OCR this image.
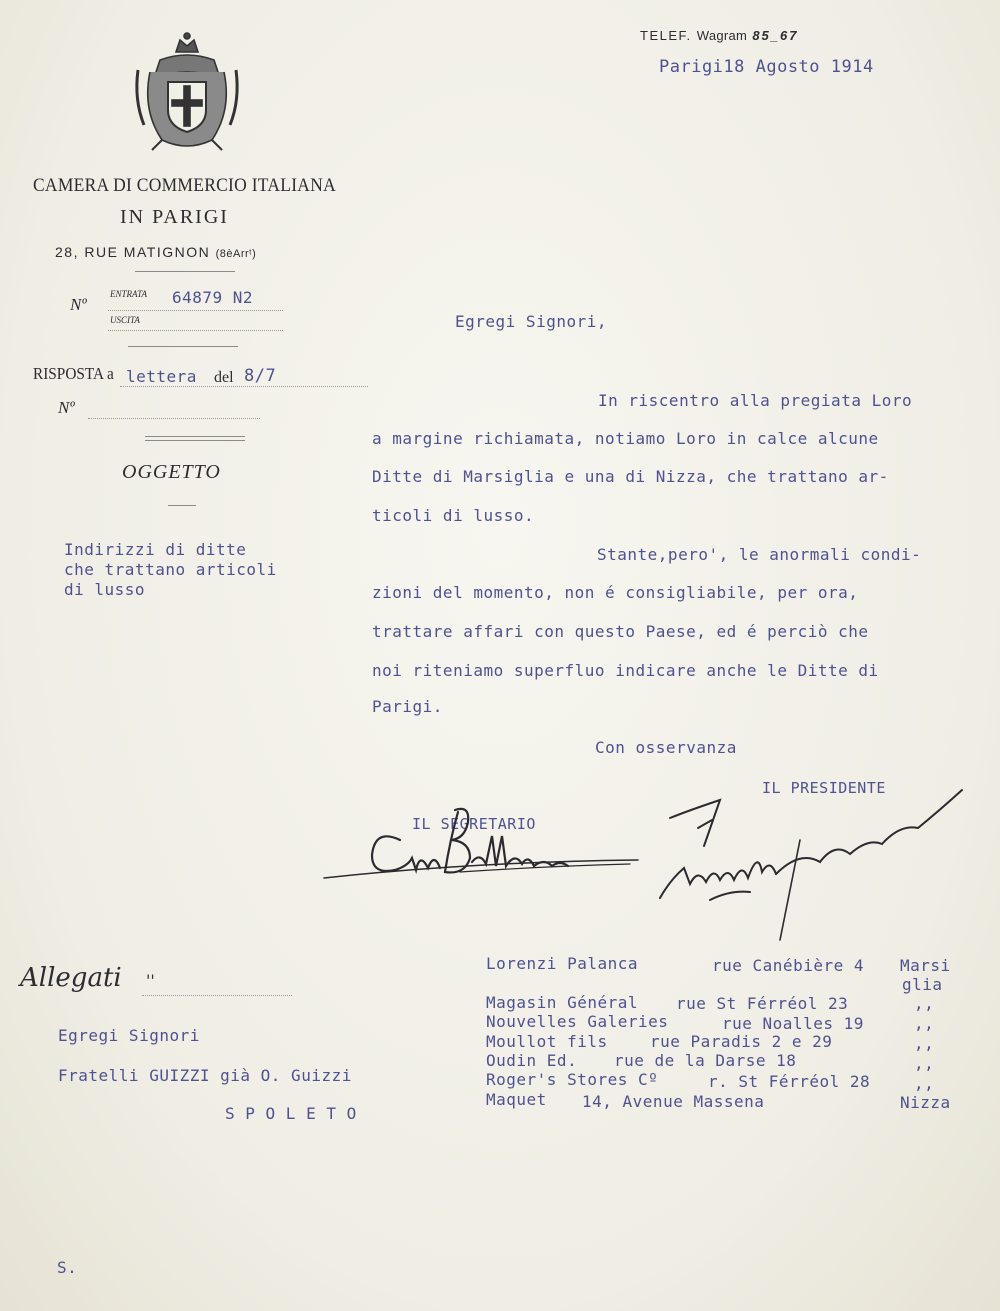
CAMERA DI COMMERCIO ITALIANA
IN PARIGI
28, RUE MATIGNON (8èArrᵗ)
TELEF. Wagram 85_67
Parigi18 Agosto 1914
Nº
ENTRATA 64879 N2
USCITA
RISPOSTA a lettera del 8/7
Nº
OGGETTO
Indirizzi di ditte
che trattano articoli
di lusso
Egregi Signori,
In riscentro alla pregiata Loro
a margine richiamata, notiamo Loro in calce alcune
Ditte di Marsiglia e una di Nizza, che trattano ar-
ticoli di lusso.
Stante,pero', le anormali condi-
zioni del momento, non é consigliabile, per ora,
trattare affari con questo Paese, ed é perciò che
noi riteniamo superfluo indicare anche le Ditte di
Parigi.
Con osservanza
IL PRESIDENTE
IL SEGRETARIO
Allegati ''
Egregi Signori
Fratelli GUIZZI già O. Guizzi
S P O L E T O
Lorenzi Palanca	rue Canébière 4 Marsi
glia
Magasin Général rue St Férréol 23	,,
Nouvelles Galeries	rue Noalles 19	,,
Moullot fils	rue Paradis 2 e 29	,,
Oudin Ed. rue de la Darse 18	,,
Roger's Stores Cº	r. St Férréol 28	,,
Maquet 14, Avenue Massena	Nizza
S.
